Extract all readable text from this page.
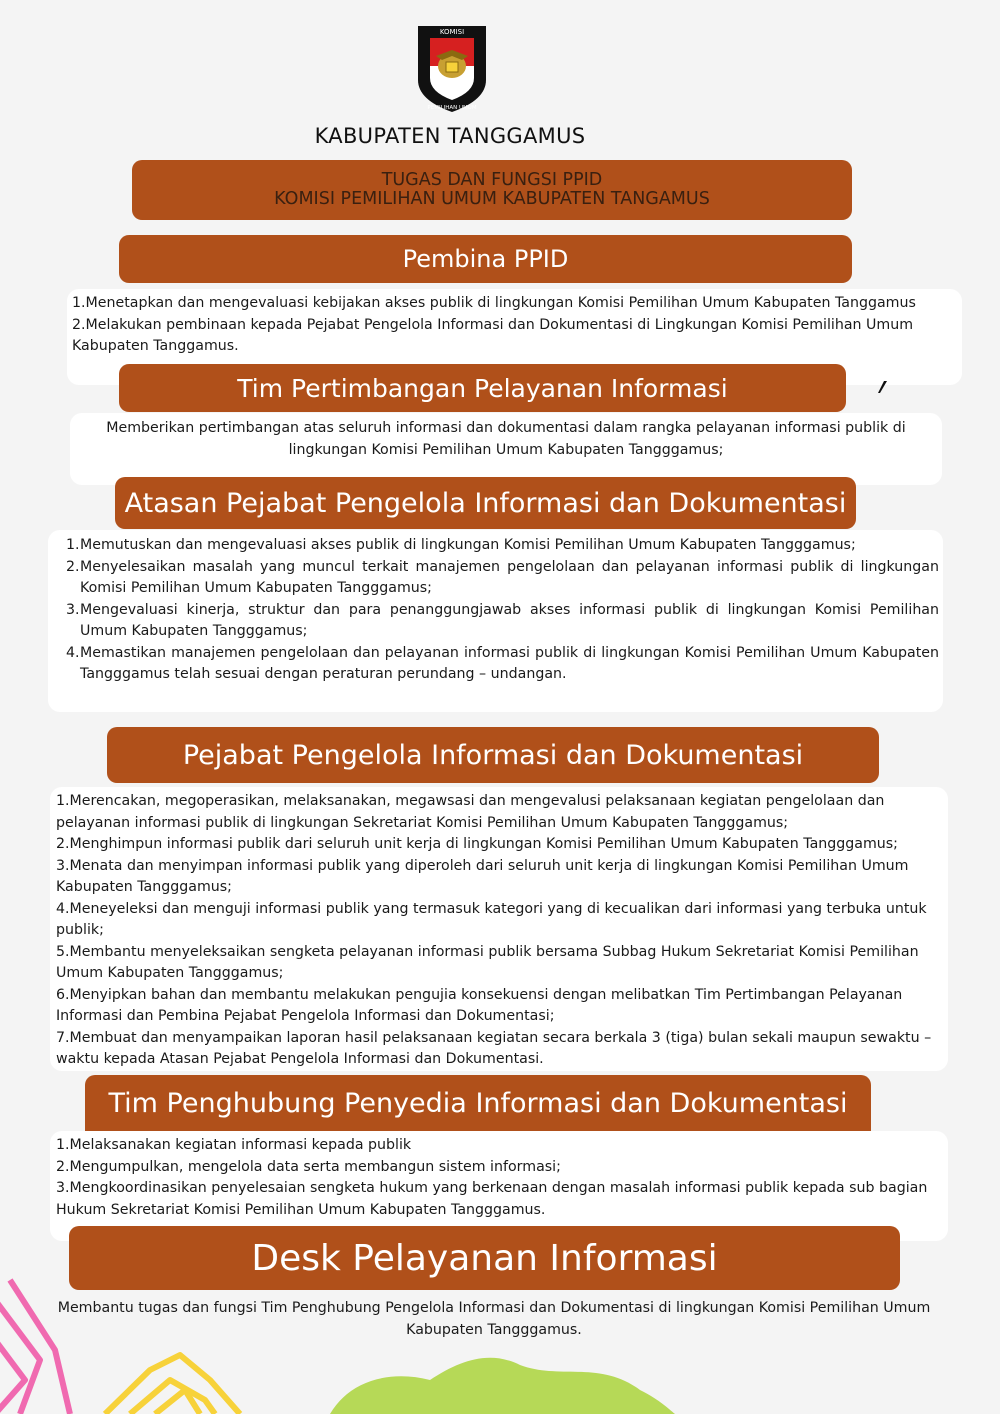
KOMISI
PEMILIHAN UMUM
KABUPATEN TANGGAMUS
TUGAS DAN FUNGSI PPID
KOMISI PEMILIHAN UMUM KABUPATEN TANGAMUS
Pembina PPID

1.Menetapkan dan mengevaluasi kebijakan akses publik di lingkungan Komisi Pemilihan Umum Kabupaten Tanggamus

2.Melakukan pembinaan kepada Pejabat Pengelola Informasi dan Dokumentasi di Lingkungan Komisi Pemilihan Umum Kabupaten Tanggamus.

Tim Pertimbangan Pelayanan Informasi

Memberikan pertimbangan atas seluruh informasi dan dokumentasi dalam rangka pelayanan informasi publik di lingkungan Komisi Pemilihan Umum Kabupaten Tangggamus;

Atasan Pejabat Pengelola Informasi dan Dokumentasi
1. Memutuskan dan mengevaluasi akses publik di lingkungan Komisi Pemilihan Umum Kabupaten Tangggamus;
2. Menyelesaikan masalah yang muncul terkait manajemen pengelolaan dan pelayanan informasi publik di lingkungan Komisi Pemilihan Umum Kabupaten Tangggamus;
3. Mengevaluasi kinerja, struktur dan para penanggungjawab akses informasi publik di lingkungan Komisi Pemilihan Umum Kabupaten Tangggamus;
4. Memastikan manajemen pengelolaan dan pelayanan informasi publik di lingkungan Komisi Pemilihan Umum Kabupaten Tangggamus telah sesuai dengan peraturan perundang – undangan.
Pejabat Pengelola Informasi dan Dokumentasi

1.Merencakan, megoperasikan, melaksanakan, megawsasi dan mengevalusi pelaksanaan kegiatan pengelolaan dan pelayanan informasi publik di lingkungan Sekretariat Komisi Pemilihan Umum Kabupaten Tangggamus;

2.Menghimpun informasi publik dari seluruh unit kerja di lingkungan Komisi Pemilihan Umum Kabupaten Tangggamus;

3.Menata dan menyimpan informasi publik yang diperoleh dari seluruh unit kerja di lingkungan Komisi Pemilihan Umum Kabupaten Tangggamus;

4.Meneyeleksi dan menguji informasi publik yang termasuk kategori yang di kecualikan dari informasi yang terbuka untuk publik;

5.Membantu menyeleksaikan sengketa pelayanan informasi publik bersama Subbag Hukum Sekretariat Komisi Pemilihan Umum Kabupaten Tangggamus;

6.Menyipkan bahan dan membantu melakukan pengujia konsekuensi dengan melibatkan Tim Pertimbangan Pelayanan Informasi dan Pembina Pejabat Pengelola Informasi dan Dokumentasi;

7.Membuat dan menyampaikan laporan hasil pelaksanaan kegiatan secara berkala 3 (tiga) bulan sekali maupun sewaktu – waktu kepada Atasan Pejabat Pengelola Informasi dan Dokumentasi.

Tim Penghubung Penyedia Informasi dan Dokumentasi

1.Melaksanakan kegiatan informasi kepada publik

2.Mengumpulkan, mengelola data serta membangun sistem informasi;

3.Mengkoordinasikan penyelesaian sengketa hukum yang berkenaan dengan masalah informasi publik kepada sub bagian Hukum Sekretariat Komisi Pemilihan Umum Kabupaten Tangggamus.

Desk Pelayanan Informasi

Membantu tugas dan fungsi Tim Penghubung Pengelola Informasi dan Dokumentasi di lingkungan Komisi Pemilihan Umum Kabupaten Tangggamus.
